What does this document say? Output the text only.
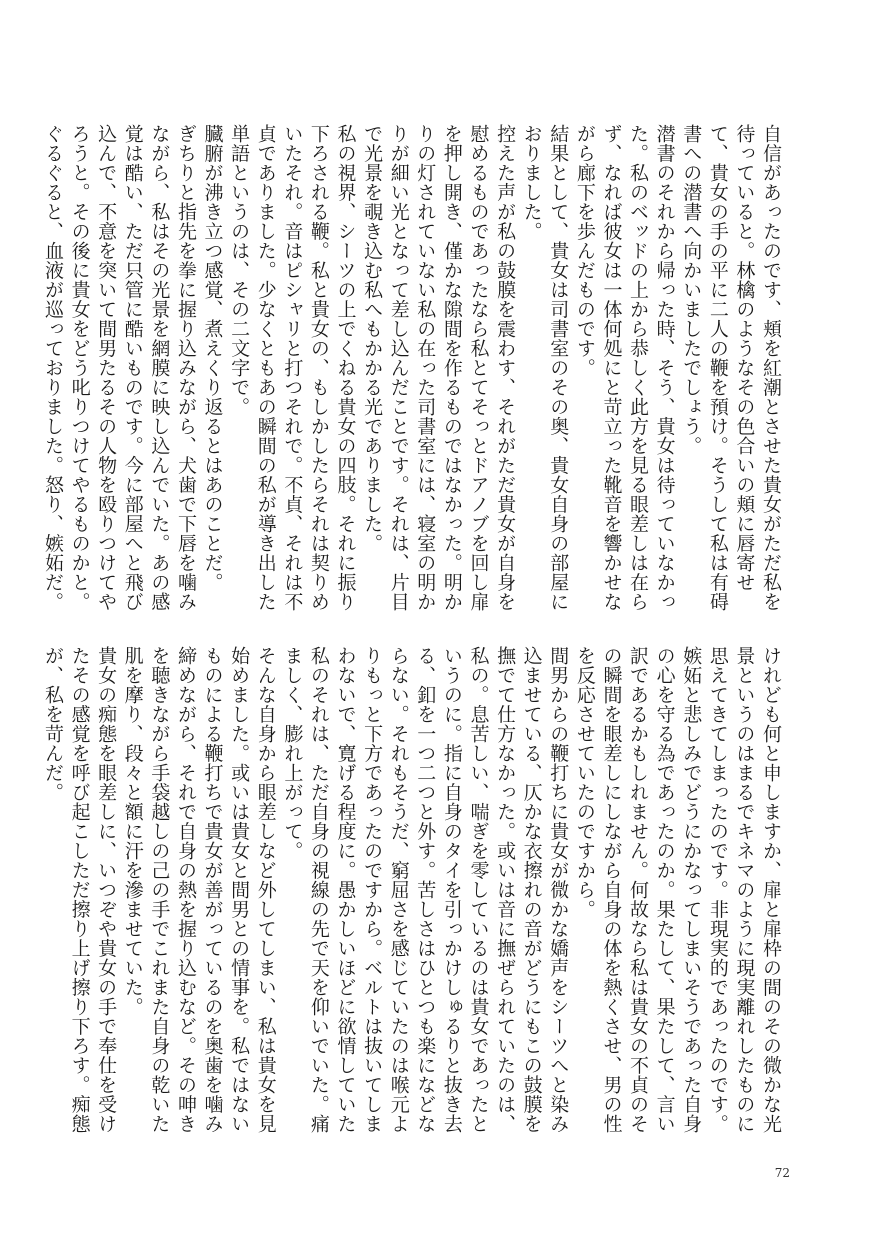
自信があったのです、頬を紅潮とさせた貴女がただ私を待っていると。林檎のようなその色合いの頬に唇寄せて、貴女の手の平に二人の鞭を預け。そうして私は有碍書への潜書へ向かいましたでしょう。

潜書のそれから帰った時、そう、貴女は待っていなかった。私のベッドの上から恭しく此方を見る眼差しは在らず、なれば彼女は一体何処にと苛立った靴音を響かせながら廊下を歩んだものです。

結果として、貴女は司書室のその奥、貴女自身の部屋におりました。

控えた声が私の鼓膜を震わす、それがただ貴女が自身を慰めるものであったなら私とてそっとドアノブを回し扉を押し開き、僅かな隙間を作るものではなかった。明かりの灯されていない私の在った司書室には、寝室の明かりが細い光となって差し込んだことです。それは、片目で光景を覗き込む私へもかかる光でありました。

私の視界、シーツの上でくねる貴女の四肢。それに振り下ろされる鞭。私と貴女の、もしかしたらそれは契りめいたそれ。音はピシャリと打つそれで。不貞、それは不貞でありました。少なくともあの瞬間の私が導き出した単語というのは、その二文字で。

臓腑が沸き立つ感覚、煮えくり返るとはあのことだ。

ぎちりと指先を拳に握り込みながら、犬歯で下唇を噛みながら、私はその光景を網膜に映し込んでいた。あの感覚は酷い、ただ只管に酷いものです。今に部屋へと飛び込んで、不意を突いて間男たるその人物を殴りつけてやろうと。その後に貴女をどう叱りつけてやるものかと。ぐるぐると、血液が巡っておりました。怒り、嫉妬だ。

けれども何と申しますか、扉と扉枠の間のその微かな光景というのはまるでキネマのように現実離れしたものに思えてきてしまったのです。非現実的であったのです。嫉妬と悲しみでどうにかなってしまいそうであった自身の心を守る為であったのか。果たして、果たして、言い訳であるかもしれません。何故なら私は貴女の不貞のその瞬間を眼差しにしながら自身の体を熱くさせ、男の性を反応させていたのですから。

間男からの鞭打ちに貴女が微かな嬌声をシーツへと染み込ませている、仄かな衣擦れの音がどうにもこの鼓膜を撫でて仕方なかった。或いは音に撫ぜられていたのは、私の。息苦しい、喘ぎを零しているのは貴女であったというのに。指に自身のタイを引っかけしゅるりと抜き去る、釦を一つ二つと外す。苦しさはひとつも楽になどならない。それもそうだ、窮屈さを感じていたのは喉元よりもっと下方であったのですから。ベルトは抜いてしまわないで、寛げる程度に。愚かしいほどに欲情していた私のそれは、ただ自身の視線の先で天を仰いでいた。痛ましく、膨れ上がって。

そんな自身から眼差しなど外してしまい、私は貴女を見始めました。或いは貴女と間男との情事を。私ではないものによる鞭打ちで貴女が善がっているのを奥歯を噛み締めながら、それで自身の熱を握り込むなど。その呻きを聴きながら手袋越しの己の手でこれまた自身の乾いた肌を摩り、段々と額に汗を滲ませていた。

貴女の痴態を眼差しに、いつぞや貴女の手で奉仕を受けたその感覚を呼び起こしただ擦り上げ擦り下ろす。痴態が、私を苛んだ。

72
